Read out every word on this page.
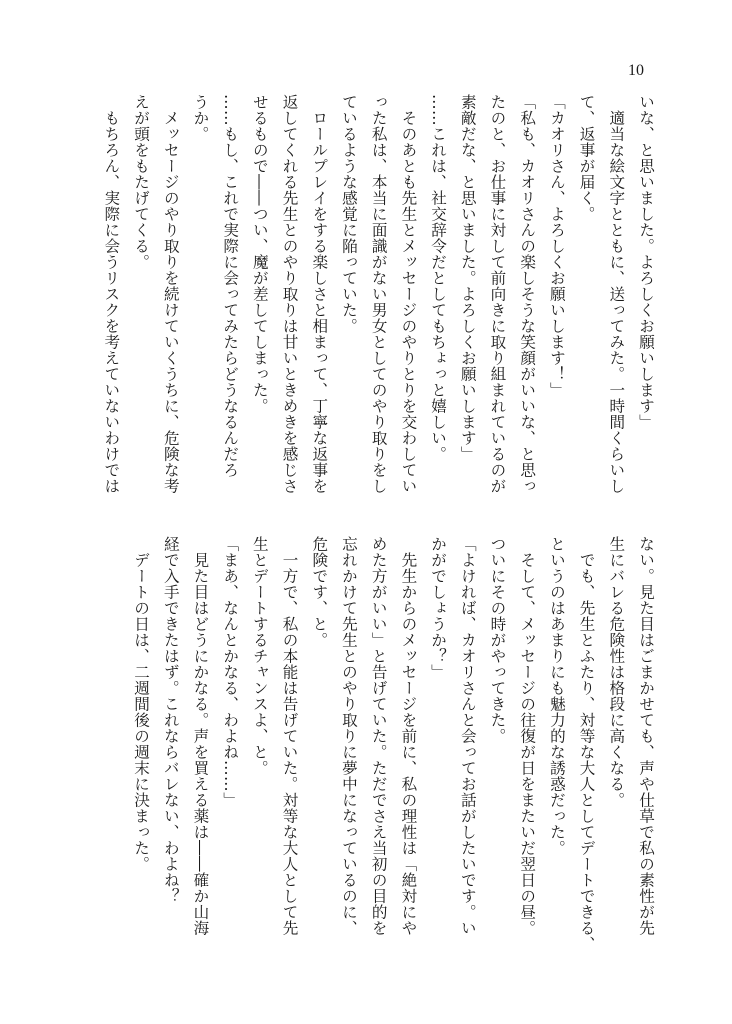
10
いな、と思いました。よろしくお願いします」
適当な絵文字とともに、送ってみた。一時間くらいし
て、返事が届く。
「カオリさん、よろしくお願いします！」
「私も、カオリさんの楽しそうな笑顔がいいな、と思っ
たのと、お仕事に対して前向きに取り組まれているのが
素敵だな、と思いました。よろしくお願いします」
……これは、社交辞令だとしてもちょっと嬉しい。
そのあとも先生とメッセージのやりとりを交わしてい
った私は、本当に面識がない男女としてのやり取りをし
ているような感覚に陥っていた。
ロールプレイをする楽しさと相まって、丁寧な返事を
返してくれる先生とのやり取りは甘いときめきを感じさ
せるもので――つい、魔が差してしまった。
……もし、これで実際に会ってみたらどうなるんだろ
うか。
メッセージのやり取りを続けていくうちに、危険な考
えが頭をもたげてくる。
もちろん、実際に会うリスクを考えていないわけでは
ない。見た目はごまかせても、声や仕草で私の素性が先
生にバレる危険性は格段に高くなる。
でも、先生とふたり、対等な大人としてデートできる、
というのはあまりにも魅力的な誘惑だった。
そして、メッセージの往復が日をまたいだ翌日の昼。
ついにその時がやってきた。
「よければ、カオリさんと会ってお話がしたいです。い
かがでしょうか？」
先生からのメッセージを前に、私の理性は「絶対にや
めた方がいい」と告げていた。ただでさえ当初の目的を
忘れかけて先生とのやり取りに夢中になっているのに、
危険です、と。
一方で、私の本能は告げていた。対等な大人として先
生とデートするチャンスよ、と。
「まあ、なんとかなる、わよね……」
見た目はどうにかなる。声を買える薬は――確か山海
経で入手できたはず。これならバレない、わよね？
デートの日は、二週間後の週末に決まった。
